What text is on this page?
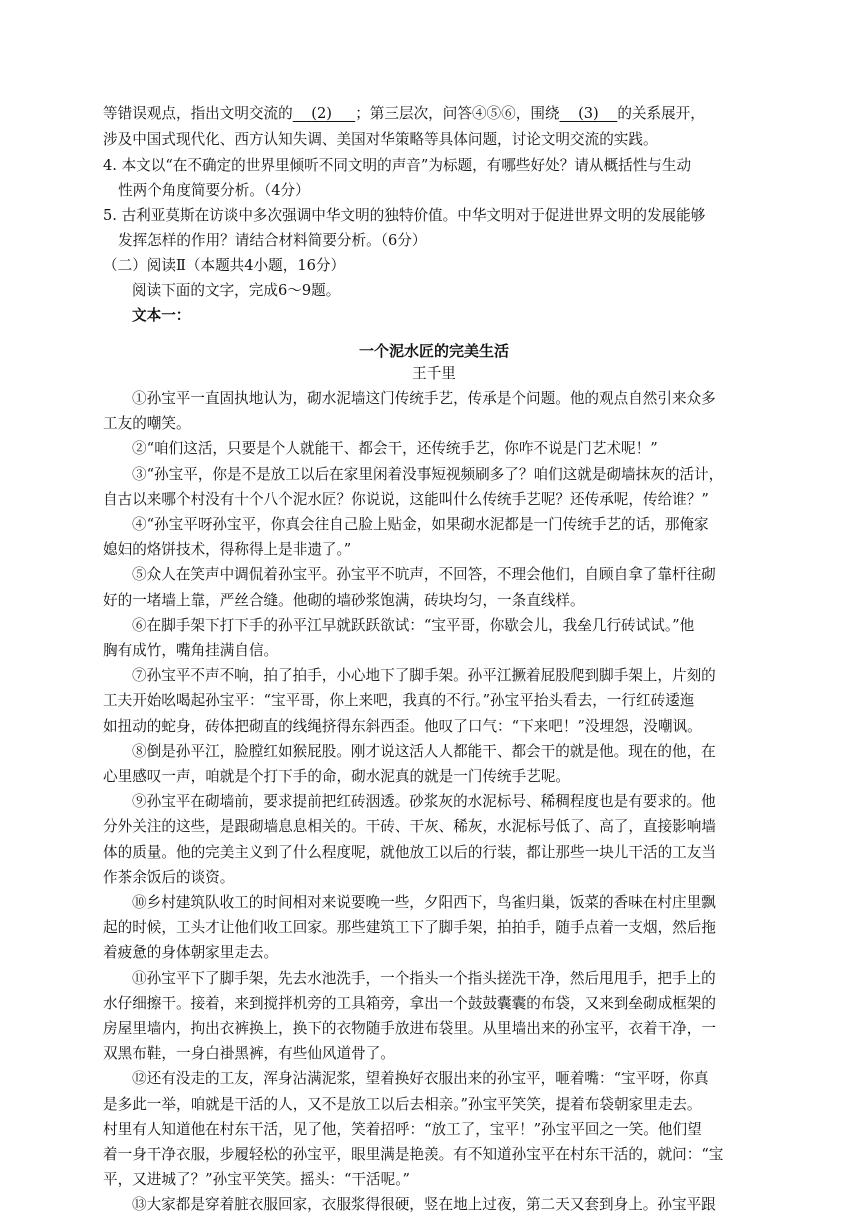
等错误观点，指出文明交流的 (2) ；第三层次，问答④⑤⑥，围绕 (3) 的关系展开，
涉及中国式现代化、西方认知失调、美国对华策略等具体问题，讨论文明交流的实践。
4. 本文以“在不确定的世界里倾听不同文明的声音”为标题，有哪些好处？请从概括性与生动
性两个角度简要分析。（4分）
5. 古利亚莫斯在访谈中多次强调中华文明的独特价值。中华文明对于促进世界文明的发展能够
发挥怎样的作用？请结合材料简要分析。（6分）
（二）阅读Ⅱ（本题共4小题，16分）
阅读下面的文字，完成6～9题。
文本一：
一个泥水匠的完美生活
王千里
①孙宝平一直固执地认为，砌水泥墙这门传统手艺，传承是个问题。他的观点自然引来众多
工友的嘲笑。
②“咱们这活，只要是个人就能干、都会干，还传统手艺，你咋不说是门艺术呢！”
③“孙宝平，你是不是放工以后在家里闲着没事短视频刷多了？咱们这就是砌墙抹灰的活计，
自古以来哪个村没有十个八个泥水匠？你说说，这能叫什么传统手艺呢？还传承呢，传给谁？”
④“孙宝平呀孙宝平，你真会往自己脸上贴金，如果砌水泥都是一门传统手艺的话，那俺家
媳妇的烙饼技术，得称得上是非遗了。”
⑤众人在笑声中调侃着孙宝平。孙宝平不吭声，不回答，不理会他们，自顾自拿了靠杆往砌
好的一堵墙上靠，严丝合缝。他砌的墙砂浆饱满，砖块均匀，一条直线样。
⑥在脚手架下打下手的孙平江早就跃跃欲试：“宝平哥，你歇会儿，我垒几行砖试试。”他
胸有成竹，嘴角挂满自信。
⑦孙宝平不声不响，拍了拍手，小心地下了脚手架。孙平江撅着屁股爬到脚手架上，片刻的
工夫开始吆喝起孙宝平：“宝平哥，你上来吧，我真的不行。”孙宝平抬头看去，一行红砖逶迤
如扭动的蛇身，砖体把砌直的线绳挤得东斜西歪。他叹了口气：“下来吧！”没埋怨，没嘲讽。
⑧倒是孙平江，脸膛红如猴屁股。刚才说这活人人都能干、都会干的就是他。现在的他，在
心里感叹一声，咱就是个打下手的命，砌水泥真的就是一门传统手艺呢。
⑨孙宝平在砌墙前，要求提前把红砖洇透。砂浆灰的水泥标号、稀稠程度也是有要求的。他
分外关注的这些，是跟砌墙息息相关的。干砖、干灰、稀灰，水泥标号低了、高了，直接影响墙
体的质量。他的完美主义到了什么程度呢，就他放工以后的行装，都让那些一块儿干活的工友当
作茶余饭后的谈资。
⑩乡村建筑队收工的时间相对来说要晚一些，夕阳西下，鸟雀归巢，饭菜的香味在村庄里飘
起的时候，工头才让他们收工回家。那些建筑工下了脚手架，拍拍手，随手点着一支烟，然后拖
着疲惫的身体朝家里走去。
⑪孙宝平下了脚手架，先去水池洗手，一个指头一个指头搓洗干净，然后甩甩手，把手上的
水仔细擦干。接着，来到搅拌机旁的工具箱旁，拿出一个鼓鼓囊囊的布袋，又来到垒砌成框架的
房屋里墙内，拘出衣裤换上，换下的衣物随手放进布袋里。从里墙出来的孙宝平，衣着干净，一
双黑布鞋，一身白褂黑裤，有些仙风道骨了。
⑫还有没走的工友，浑身沾满泥浆，望着换好衣服出来的孙宝平，咂着嘴：“宝平呀，你真
是多此一举，咱就是干活的人，又不是放工以后去相亲。”孙宝平笑笑，提着布袋朝家里走去。
村里有人知道他在村东干活，见了他，笑着招呼：“放工了，宝平！”孙宝平回之一笑。他们望
着一身干净衣服，步履轻松的孙宝平，眼里满是艳羡。有不知道孙宝平在村东干活的，就问：“宝
平，又进城了？”孙宝平笑笑。摇头：“干活呢。”
⑬大家都是穿着脏衣服回家，衣服浆得很硬，竖在地上过夜，第二天又套到身上。孙宝平跟
